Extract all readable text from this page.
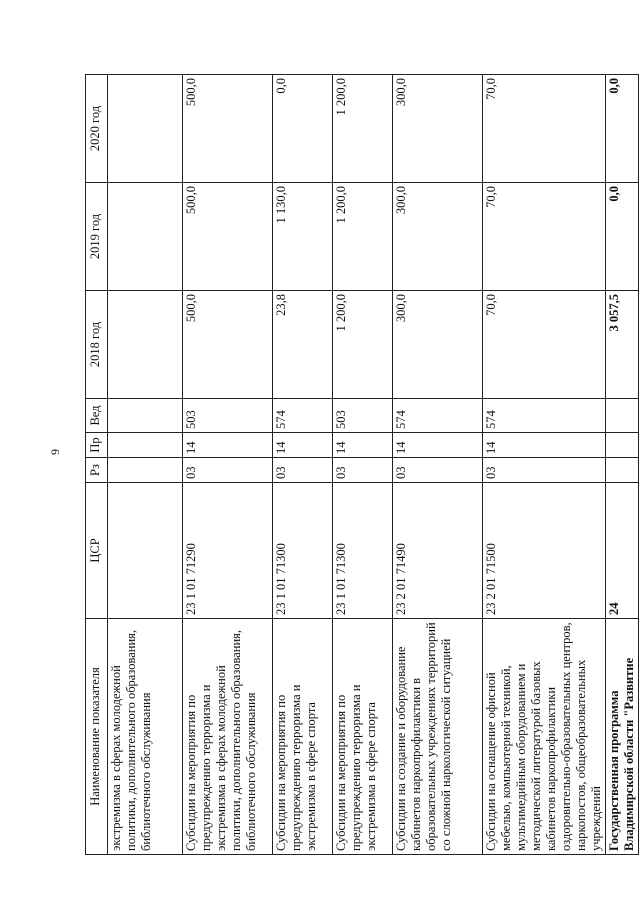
9
Наименование показателя	ЦСР	Рз	Пр	Вед	2018 год	2019 год	2020 год
экстремизма в сферах молодежной политики, дополнительного образования, библиотечного обслуживания							
Субсидии на мероприятия по предупреждению терроризма и экстремизма в сферах молодежной политики, дополнительного образования, библиотечного обслуживания	23 1 01 71290	03	14	503	500,0	500,0	500,0
Субсидии на мероприятия по предупреждению терроризма и экстремизма в сфере спорта	23 1 01 71300	03	14	574	23,8	1 130,0	0,0
Субсидии на мероприятия по предупреждению терроризма и экстремизма в сфере спорта	23 1 01 71300	03	14	503	1 200,0	1 200,0	1 200,0
Субсидии на создание и оборудование кабинетов наркопрофилактики в образовательных учреждениях территорий со сложной наркологической ситуацией	23 2 01 71490	03	14	574	300,0	300,0	300,0
Субсидии на оснащение офисной мебелью, компьютерной техникой, мультимедийным оборудованием и методической литературой базовых кабинетов наркопрофилактики оздоровительно-образовательных центров, наркопостов, общеобразовательных учреждений	23 2 01 71500	03	14	574	70,0	70,0	70,0
Государственная программа Владимирской области "Развитие	24				3 057,5	0,0	0,0
